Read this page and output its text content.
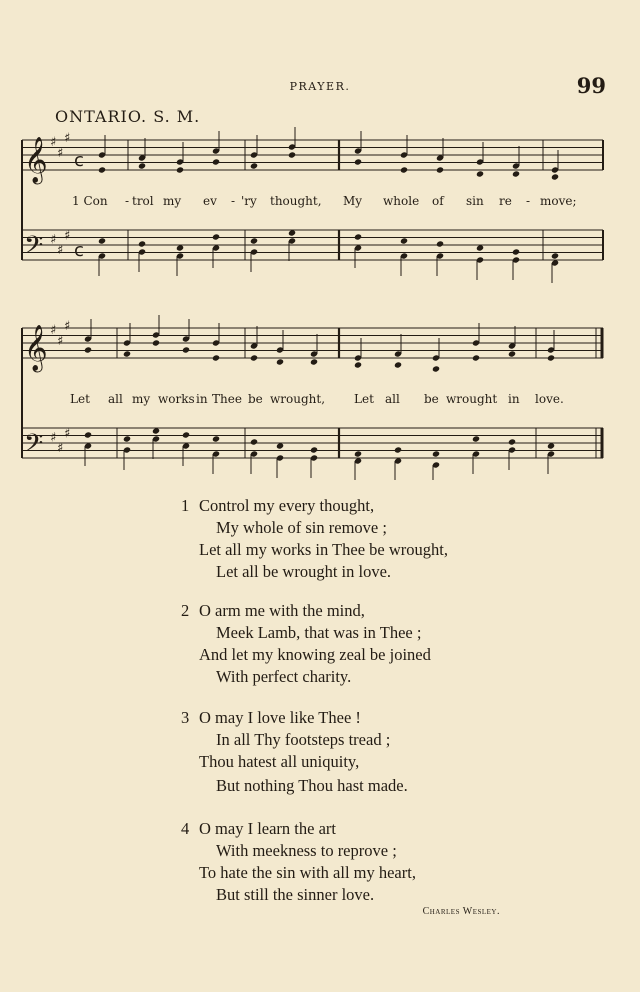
PRAYER.	99
ONTARIO. S. M.
𝄞
𝄞
𝄢
𝄢
♯
♯
♯
♯
♯
♯
♯
♯
♯
♯
♯
♯
c
c
1 Con - trol my ev - 'ry thought, My whole of sin re - move;
Let all my works in Thee be wrought, Let all be wrought in love.
1 Control my every thought,
My whole of sin remove ;
Let all my works in Thee be wrought,
Let all be wrought in love.
2 O arm me with the mind,
Meek Lamb, that was in Thee ;
And let my knowing zeal be joined
With perfect charity.
3 O may I love like Thee !
In all Thy footsteps tread ;
Thou hatest all uniquity,
But nothing Thou hast made.
4 O may I learn the art
With meekness to reprove ;
To hate the sin with all my heart,
But still the sinner love.
Charles Wesley.
